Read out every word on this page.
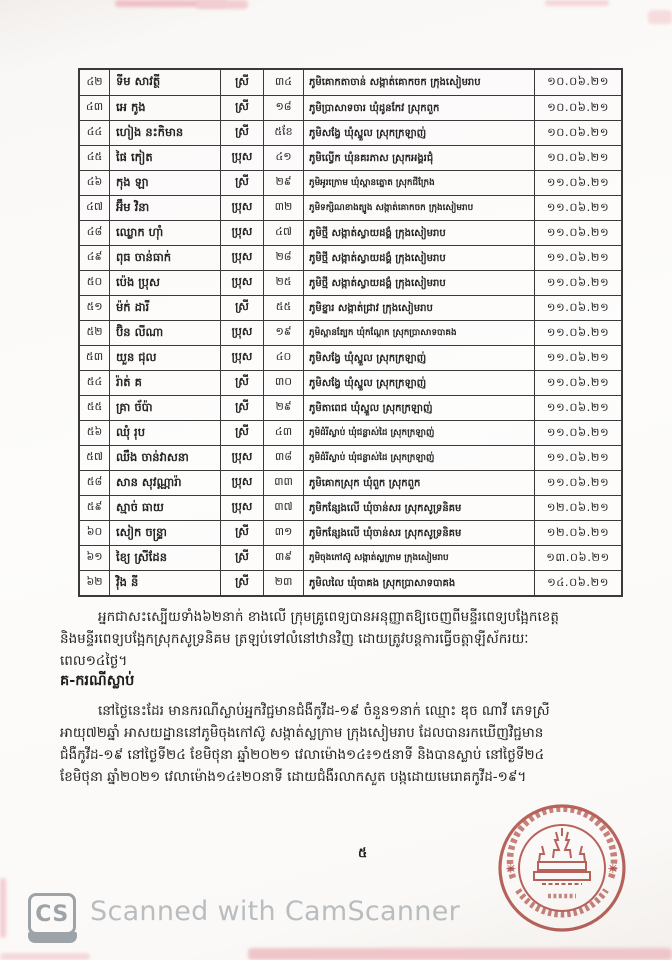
៤២	ទីម សាវត្ថី	ស្រី	៣៤	ភូមិគោកតាចាន់ សង្កាត់គោកចក ក្រុងសៀមរាប	១០.០៦.២១
៤៣	អេ កូង	ស្រី	១៨	ភូមិប្រាសាទចារ ឃុំដូនកែវ ស្រុកពួក	១០.០៦.២១
៤៤	ហៀង នះកិមាន	ស្រី	៥ខែ	ភូមិសង្វែ ឃុំស្នួល ស្រុកក្រឡាញ់	១០.០៦.២១
៤៥	ផៃ កៀត	ប្រុស	៤១	ភូមិល្វើក ឃុំនគរភាស ស្រុកអង្គរជុំ	១០.០៦.២១
៤៦	កុង ឡា	ស្រី	២៩	ភូមិអូរក្រោម ឃុំស្ពានត្នោត ស្រុកជីក្រែង	១១.០៦.២១
៤៧	អ៊ឹម វិនា	ប្រុស	៣២	ភូមិទក្សិណខាងត្បូង សង្កាត់គោកចក ក្រុងសៀមរាប	១១.០៦.២១
៤៨	ឈ្លោក ហ៊ាំ	ប្រុស	៤៧	ភូមិថ្មី សង្កាត់ស្វាយដង្គំ ក្រុងសៀមរាប	១១.០៦.២១
៤៩	ពុធ ចាន់ធាក់	ប្រុស	២៨	ភូមិថ្មី សង្កាត់ស្វាយដង្គំ ក្រុងសៀមរាប	១១.០៦.២១
៥០	ប៉េង ប្រុស	ប្រុស	២៥	ភូមិថ្មី សង្កាត់ស្វាយដង្គំ ក្រុងសៀមរាប	១១.០៦.២១
៥១	ម៉ក់ ដារី	ស្រី	៥៥	ភូមិខ្នារ សង្កាត់ជ្រាវ ក្រុងសៀមរាប	១១.០៦.២១
៥២	ប៊ិន លីណា	ប្រុស	១៩	ភូមិស្ពានត្បែក ឃុំកណ្ដែក ស្រុកប្រាសាទបាគង	១១.០៦.២១
៥៣	យួន ជុល	ប្រុស	៤០	ភូមិសង្វែ ឃុំស្នួល ស្រុកក្រឡាញ់	១១.០៦.២១
៥៤	រ៉ាត់ គ	ស្រី	៣០	ភូមិសង្វែ ឃុំស្នួល ស្រុកក្រឡាញ់	១១.០៦.២១
៥៥	គ្រា ច័ប៉ា	ស្រី	២៩	ភូមិតាពេជ ឃុំស្នួល ស្រុកក្រឡាញ់	១១.០៦.២១
៥៦	ឈុំ រុប	ស្រី	៤៣	ភូមិដំរីស្លាប់ ឃុំជន្លាស់ដៃ ស្រុកក្រឡាញ់	១១.០៦.២១
៥៧	ឈឹង ចាន់វាសនា	ប្រុស	៣៨	ភូមិដំរីស្លាប់ ឃុំជន្លាស់ដៃ ស្រុកក្រឡាញ់	១១.០៦.២១
៥៨	សាន សុវណ្ណារ៉ា	ប្រុស	៣៣	ភូមិគោកស្រុក ឃុំពួក ស្រុកពួក	១១.០៦.២១
៥៩	ស្មាច់ ធាយ	ប្រុស	៣៧	ភូមិកន្សែងលើ ឃុំចាន់សរ ស្រុកសូទ្រនិគម	១២.០៦.២១
៦០	សៀក ចន្ទ្រា	ស្រី	៣១	ភូមិកន្សែងលើ ឃុំចាន់សរ ស្រុកសូទ្រនិគម	១២.០៦.២១
៦១	ខ្យៃ ស្រីដែន	ស្រី	៣៩	ភូមិចុងកៅស៊ូ សង្កាត់ស្លក្រាម ក្រុងសៀមរាប	១៣.០៦.២១
៦២	វ៉ិង នី	ស្រី	២៣	ភូមិលលៃ ឃុំបាគង ស្រុកប្រាសាទបាគង	១៤.០៦.២១
អ្នកជាសះស្បើយទាំង៦២នាក់ ខាងលើ ក្រុមគ្រូពេទ្យបានអនុញ្ញាតឱ្យចេញពីមន្ទីរពេទ្យបង្អែកខេត្ត
និងមន្ទីរពេទ្យបង្អែកស្រុកសូទ្រនិគម ត្រឡប់ទៅលំនៅឋានវិញ ដោយត្រូវបន្តការធ្វើចត្តាឡីស័ករយៈ
ពេល១៤ថ្ងៃ។
គ-ករណីស្លាប់
នៅថ្ងៃនេះដែរ មានករណីស្លាប់អ្នកវិជ្ជមានជំងឺកូវីដ-១៩ ចំនួន១នាក់ ឈ្មោះ ឌុច ណាវី ភេទស្រី
អាយុ៧២ឆ្នាំ អាសយដ្ឋាននៅភូមិចុងកៅស៊ូ សង្កាត់ស្លក្រាម ក្រុងសៀមរាប ដែលបានរកឃើញវិជ្ជមាន
ជំងឺកូវីដ-១៩ នៅថ្ងៃទី២៤ ខែមិថុនា ឆ្នាំ២០២១ វេលាម៉ោង១៤៖១៥នាទី និងបានស្លាប់ នៅថ្ងៃទី២៤
ខែមិថុនា ឆ្នាំ២០២១ វេលាម៉ោង១៤៖២០នាទី ដោយជំងឺរលាកសួត បង្កដោយមេរោគកូវីដ-១៩។
៥
✳	✳
CS Scanned with CamScanner
